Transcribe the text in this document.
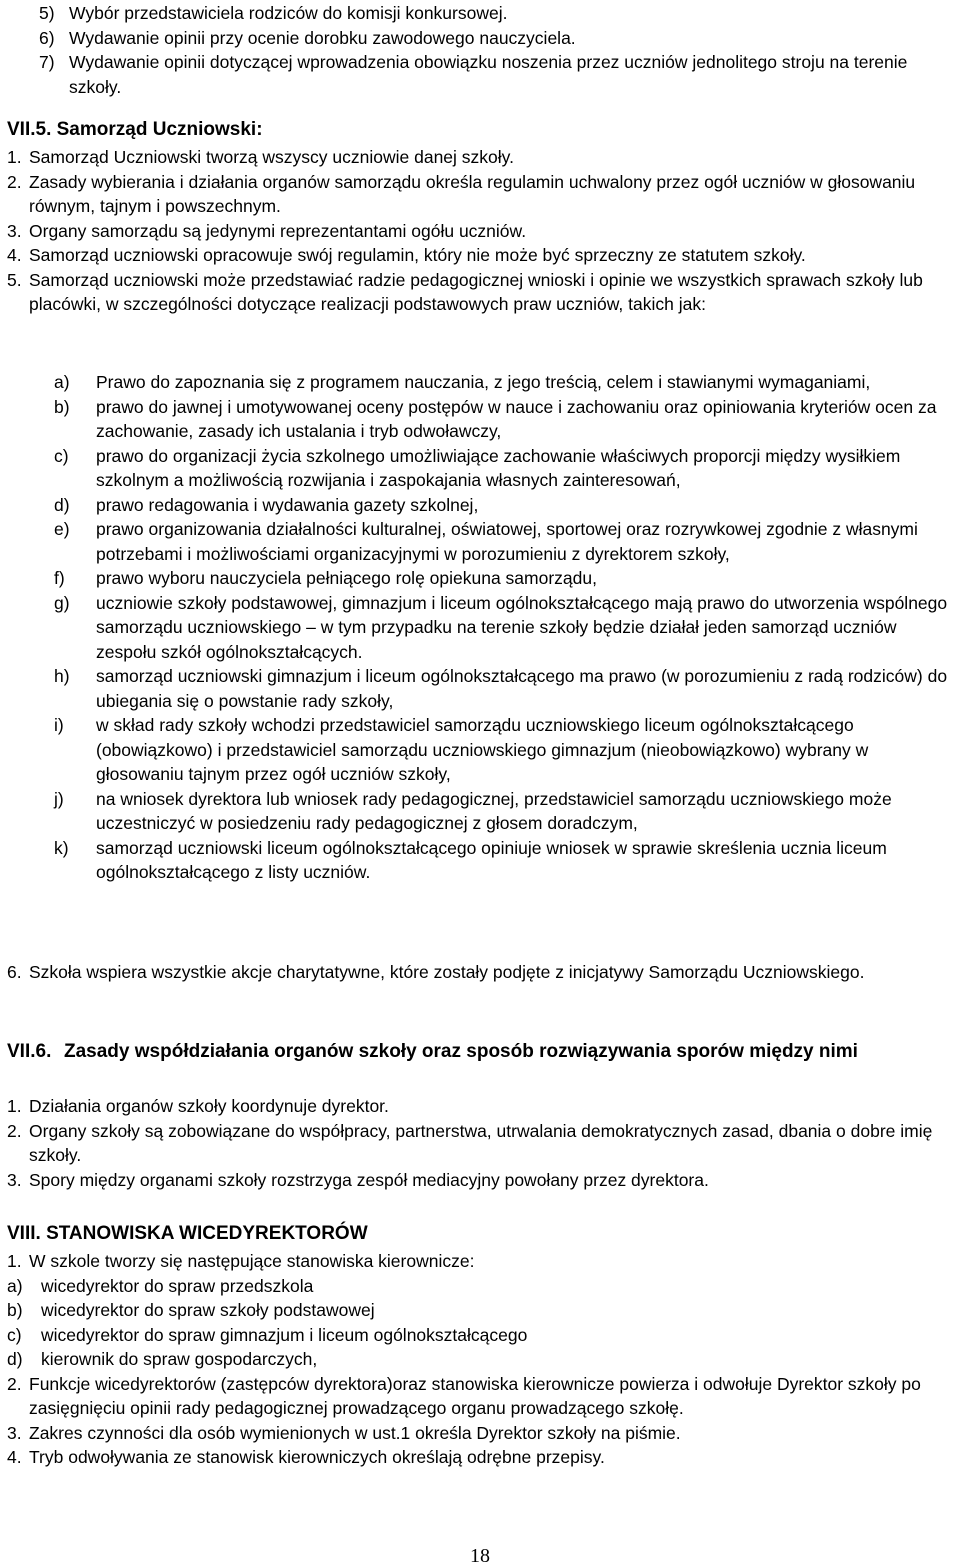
5) Wybór przedstawiciela rodziców do komisji konkursowej.
6) Wydawanie opinii przy ocenie dorobku zawodowego nauczyciela.
7) Wydawanie opinii dotyczącej wprowadzenia obowiązku noszenia przez uczniów jednolitego stroju na terenie szkoły.
VII.5. Samorząd Uczniowski:
1. Samorząd Uczniowski tworzą wszyscy uczniowie danej szkoły.
2. Zasady wybierania i działania organów samorządu określa regulamin uchwalony przez ogół uczniów w głosowaniu równym, tajnym i powszechnym.
3. Organy samorządu są jedynymi reprezentantami ogółu uczniów.
4. Samorząd uczniowski opracowuje swój regulamin, który nie może być sprzeczny ze statutem szkoły.
5. Samorząd uczniowski może przedstawiać radzie pedagogicznej wnioski i opinie we wszystkich sprawach szkoły lub placówki, w szczególności dotyczące realizacji podstawowych praw uczniów, takich jak:
a)	Prawo do zapoznania się z programem nauczania, z jego treścią, celem i stawianymi wymaganiami,
b)	prawo do jawnej i umotywowanej oceny postępów w nauce i zachowaniu oraz opiniowania kryteriów ocen za zachowanie, zasady ich ustalania i tryb odwoławczy,
c)	prawo do organizacji życia szkolnego umożliwiające zachowanie właściwych proporcji między wysiłkiem szkolnym a możliwością rozwijania i zaspokajania własnych zainteresowań,
d)	prawo redagowania i wydawania gazety szkolnej,
e)	prawo organizowania działalności kulturalnej, oświatowej, sportowej oraz rozrywkowej zgodnie z własnymi potrzebami i możliwościami organizacyjnymi w porozumieniu z dyrektorem szkoły,
f)	prawo wyboru nauczyciela pełniącego rolę opiekuna samorządu,
g)	uczniowie szkoły podstawowej, gimnazjum i liceum ogólnokształcącego mają prawo do utworzenia wspólnego samorządu uczniowskiego – w tym przypadku na terenie szkoły będzie działał jeden samorząd uczniów zespołu szkół ogólnokształcących.
h)	samorząd uczniowski gimnazjum i liceum ogólnokształcącego ma prawo (w porozumieniu z radą rodziców) do ubiegania się o powstanie rady szkoły,
i)	w skład rady szkoły wchodzi przedstawiciel samorządu uczniowskiego liceum ogólnokształcącego (obowiązkowo) i przedstawiciel samorządu uczniowskiego gimnazjum (nieobowiązkowo) wybrany w głosowaniu tajnym przez ogół uczniów szkoły,
j)	na wniosek dyrektora lub wniosek rady pedagogicznej, przedstawiciel samorządu uczniowskiego może uczestniczyć w posiedzeniu rady pedagogicznej z głosem doradczym,
k)	samorząd uczniowski liceum ogólnokształcącego opiniuje wniosek w sprawie skreślenia ucznia liceum ogólnokształcącego z listy uczniów.
6. Szkoła wspiera wszystkie akcje charytatywne, które zostały podjęte z inicjatywy Samorządu Uczniowskiego.
VII.6. Zasady współdziałania organów szkoły oraz sposób rozwiązywania sporów między nimi
1. Działania organów szkoły koordynuje dyrektor.
2. Organy szkoły są zobowiązane do współpracy, partnerstwa, utrwalania demokratycznych zasad, dbania o dobre imię szkoły.
3. Spory między organami szkoły rozstrzyga zespół mediacyjny powołany przez dyrektora.
VIII. STANOWISKA WICEDYREKTORÓW
1. W szkole tworzy się następujące stanowiska kierownicze:
a)	wicedyrektor do spraw przedszkola
b)	wicedyrektor do spraw szkoły podstawowej
c)	wicedyrektor do spraw gimnazjum i liceum ogólnokształcącego
d)	kierownik do spraw gospodarczych,
2. Funkcje wicedyrektorów (zastępców dyrektora)oraz stanowiska kierownicze powierza i odwołuje Dyrektor szkoły po zasięgnięciu opinii rady pedagogicznej prowadzącego organu prowadzącego szkołę.
3. Zakres czynności dla osób wymienionych w ust.1 określa Dyrektor szkoły na piśmie.
4. Tryb odwoływania ze stanowisk kierowniczych określają odrębne przepisy.
18
